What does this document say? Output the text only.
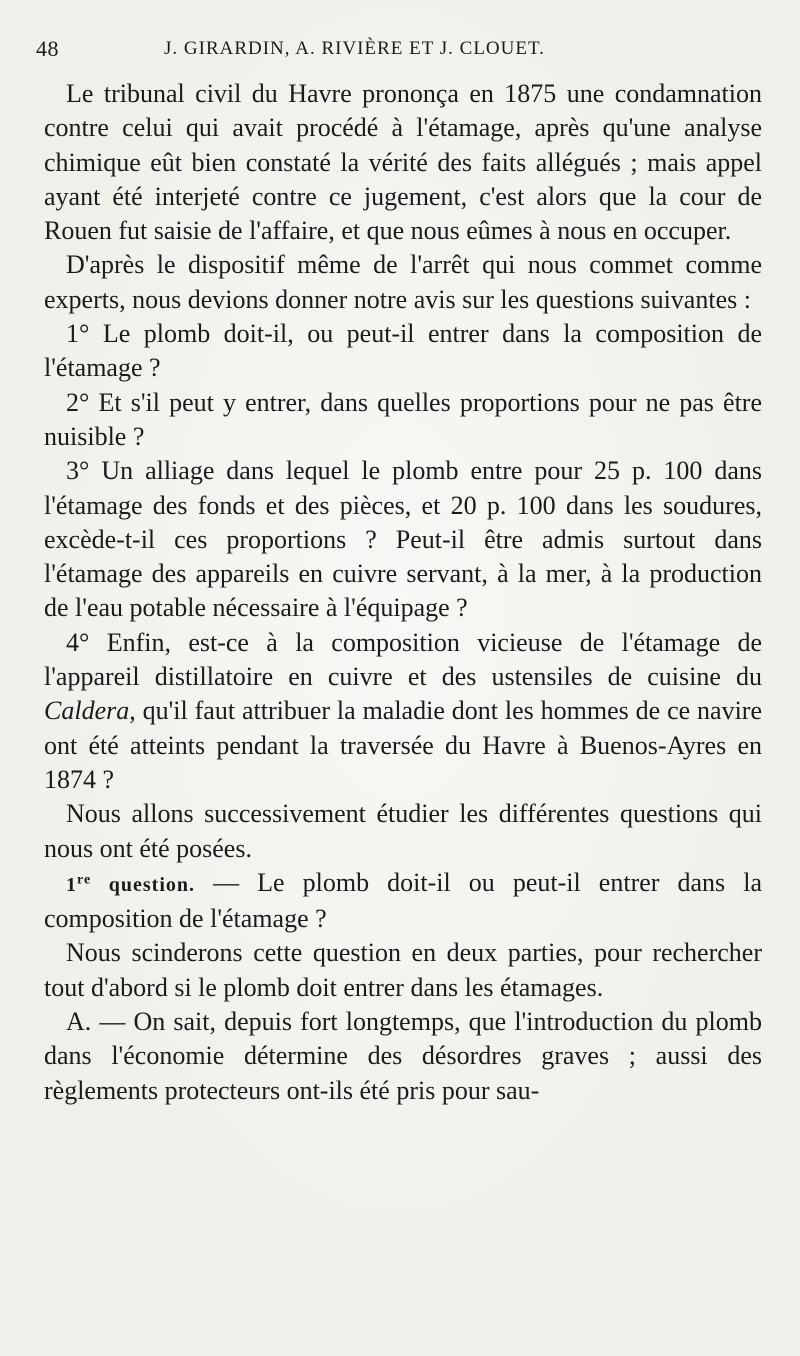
48	J. GIRARDIN, A. RIVIÈRE ET J. CLOUET.

Le tribunal civil du Havre prononça en 1875 une condamnation contre celui qui avait procédé à l'étamage, après qu'une analyse chimique eût bien constaté la vérité des faits allégués ; mais appel ayant été interjeté contre ce jugement, c'est alors que la cour de Rouen fut saisie de l'affaire, et que nous eûmes à nous en occuper.

D'après le dispositif même de l'arrêt qui nous commet comme experts, nous devions donner notre avis sur les questions suivantes :

1° Le plomb doit-il, ou peut-il entrer dans la composition de l'étamage ?

2° Et s'il peut y entrer, dans quelles proportions pour ne pas être nuisible ?

3° Un alliage dans lequel le plomb entre pour 25 p. 100 dans l'étamage des fonds et des pièces, et 20 p. 100 dans les soudures, excède-t-il ces proportions ? Peut-il être admis surtout dans l'étamage des appareils en cuivre servant, à la mer, à la production de l'eau potable nécessaire à l'équipage ?

4° Enfin, est-ce à la composition vicieuse de l'étamage de l'appareil distillatoire en cuivre et des ustensiles de cuisine du Caldera, qu'il faut attribuer la maladie dont les hommes de ce navire ont été atteints pendant la traversée du Havre à Buenos-Ayres en 1874 ?

Nous allons successivement étudier les différentes questions qui nous ont été posées.

1re question. — Le plomb doit-il ou peut-il entrer dans la composition de l'étamage ?

Nous scinderons cette question en deux parties, pour rechercher tout d'abord si le plomb doit entrer dans les étamages.

A. — On sait, depuis fort longtemps, que l'introduction du plomb dans l'économie détermine des désordres graves ; aussi des règlements protecteurs ont-ils été pris pour sau-
